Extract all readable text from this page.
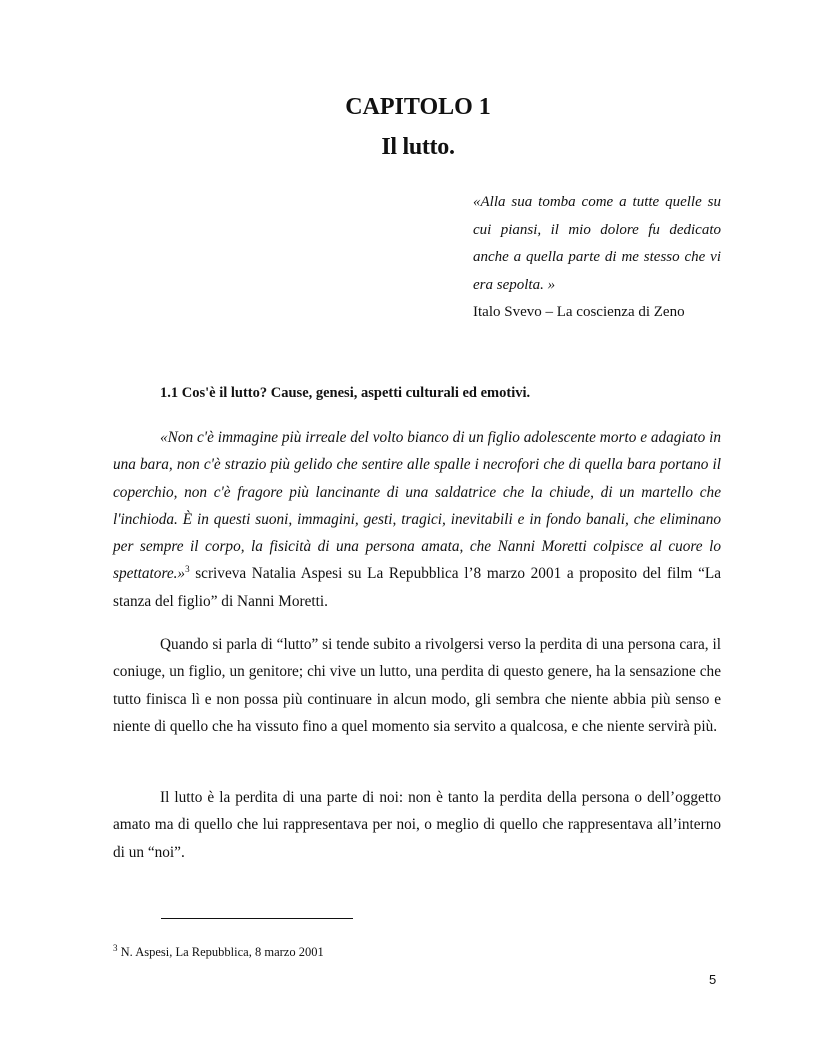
CAPITOLO 1
Il lutto.
«Alla sua tomba come a tutte quelle su cui piansi, il mio dolore fu dedicato anche a quella parte di me stesso che vi era sepolta. »
Italo Svevo – La coscienza di Zeno
1.1 Cos'è il lutto? Cause, genesi, aspetti culturali ed emotivi.

«Non c'è immagine più irreale del volto bianco di un figlio adolescente morto e adagiato in una bara, non c'è strazio più gelido che sentire alle spalle i necrofori che di quella bara portano il coperchio, non c'è fragore più lancinante di una saldatrice che la chiude, di un martello che l'inchioda. È in questi suoni, immagini, gesti, tragici, inevitabili e in fondo banali, che eliminano per sempre il corpo, la fisicità di una persona amata, che Nanni Moretti colpisce al cuore lo spettatore.»$^3$ scriveva Natalia Aspesi su La Repubblica l’8 marzo 2001 a proposito del film “La stanza del figlio” di Nanni Moretti.

Quando si parla di “lutto” si tende subito a rivolgersi verso la perdita di una persona cara, il coniuge, un figlio, un genitore; chi vive un lutto, una perdita di questo genere, ha la sensazione che tutto finisca lì e non possa più continuare in alcun modo, gli sembra che niente abbia più senso e niente di quello che ha vissuto fino a quel momento sia servito a qualcosa, e che niente servirà più.

Il lutto è la perdita di una parte di noi: non è tanto la perdita della persona o dell’oggetto amato ma di quello che lui rappresentava per noi, o meglio di quello che rappresentava all’interno di un “noi”.

$^3$ N. Aspesi, La Repubblica, 8 marzo 2001
5
